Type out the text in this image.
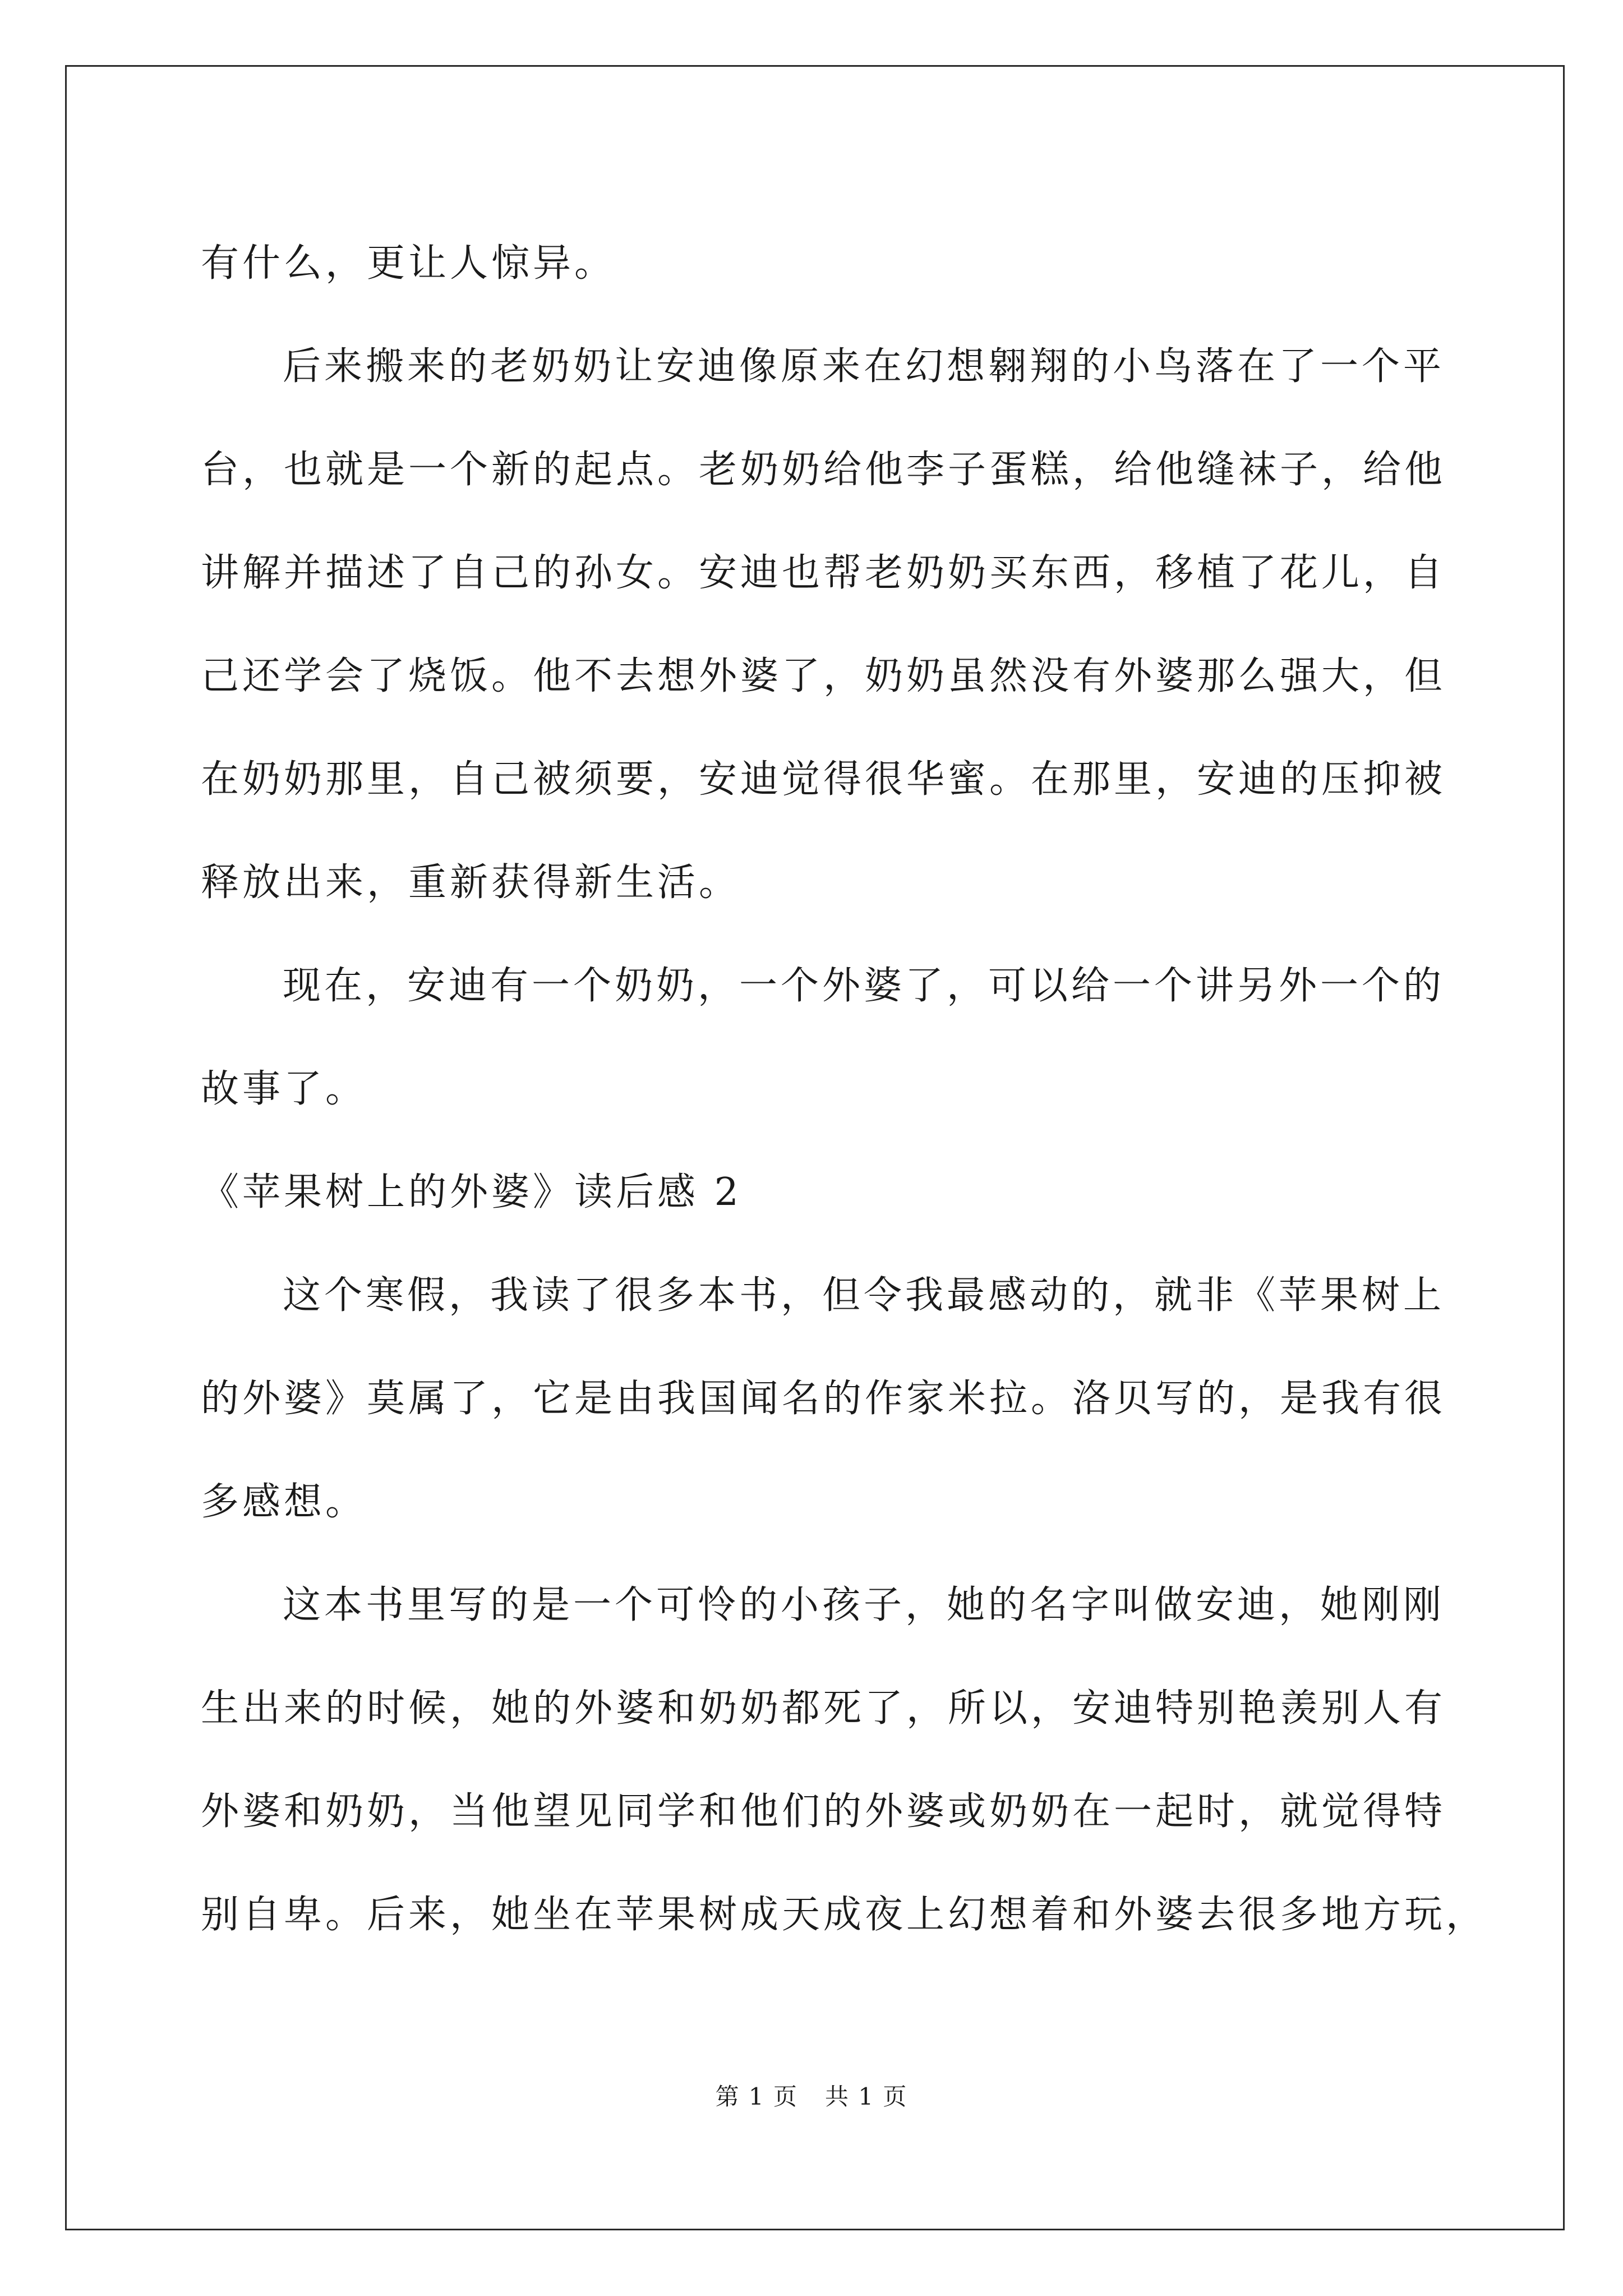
有什么，更让人惊异。
后来搬来的老奶奶让安迪像原来在幻想翱翔的小鸟落在了一个平
台，也就是一个新的起点。老奶奶给他李子蛋糕，给他缝袜子，给他
讲解并描述了自己的孙女。安迪也帮老奶奶买东西，移植了花儿，自
己还学会了烧饭。他不去想外婆了，奶奶虽然没有外婆那么强大，但
在奶奶那里，自己被须要，安迪觉得很华蜜。在那里，安迪的压抑被
释放出来，重新获得新生活。
现在，安迪有一个奶奶，一个外婆了，可以给一个讲另外一个的
故事了。
《苹果树上的外婆》读后感 2
这个寒假，我读了很多本书，但令我最感动的，就非《苹果树上
的外婆》莫属了，它是由我国闻名的作家米拉。洛贝写的，是我有很
多感想。
这本书里写的是一个可怜的小孩子，她的名字叫做安迪，她刚刚
生出来的时候，她的外婆和奶奶都死了，所以，安迪特别艳羡别人有
外婆和奶奶，当他望见同学和他们的外婆或奶奶在一起时，就觉得特
别自卑。后来，她坐在苹果树成天成夜上幻想着和外婆去很多地方玩，
第 1 页 共 1 页
